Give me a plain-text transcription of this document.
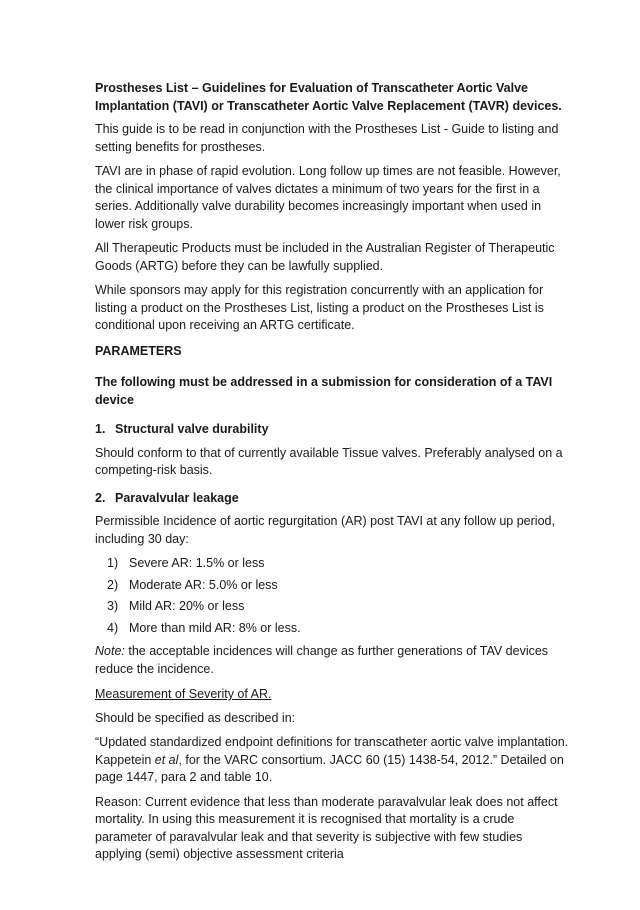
Prostheses List – Guidelines for Evaluation of Transcatheter Aortic Valve Implantation (TAVI) or Transcatheter Aortic Valve Replacement (TAVR) devices.

This guide is to be read in conjunction with the Prostheses List - Guide to listing and setting benefits for prostheses.

TAVI are in phase of rapid evolution. Long follow up times are not feasible. However, the clinical importance of valves dictates a minimum of two years for the first in a series. Additionally valve durability becomes increasingly important when used in lower risk groups.

All Therapeutic Products must be included in the Australian Register of Therapeutic Goods (ARTG) before they can be lawfully supplied.

While sponsors may apply for this registration concurrently with an application for listing a product on the Prostheses List, listing a product on the Prostheses List is conditional upon receiving an ARTG certificate.

PARAMETERS
The following must be addressed in a submission for consideration of a TAVI device
1. Structural valve durability

Should conform to that of currently available Tissue valves. Preferably analysed on a competing-risk basis.

2. Paravalvular leakage

Permissible Incidence of aortic regurgitation (AR) post TAVI at any follow up period, including 30 day:

1) Severe AR: 1.5% or less
2) Moderate AR: 5.0% or less
3) Mild AR: 20% or less
4) More than mild AR: 8% or less.

Note: the acceptable incidences will change as further generations of TAV devices reduce the incidence.

Measurement of Severity of AR.

Should be specified as described in:

“Updated standardized endpoint definitions for transcatheter aortic valve implantation. Kappetein et al, for the VARC consortium. JACC 60 (15) 1438-54, 2012.” Detailed on page 1447, para 2 and table 10.

Reason: Current evidence that less than moderate paravalvular leak does not affect mortality. In using this measurement it is recognised that mortality is a crude parameter of paravalvular leak and that severity is subjective with few studies applying (semi) objective assessment criteria
